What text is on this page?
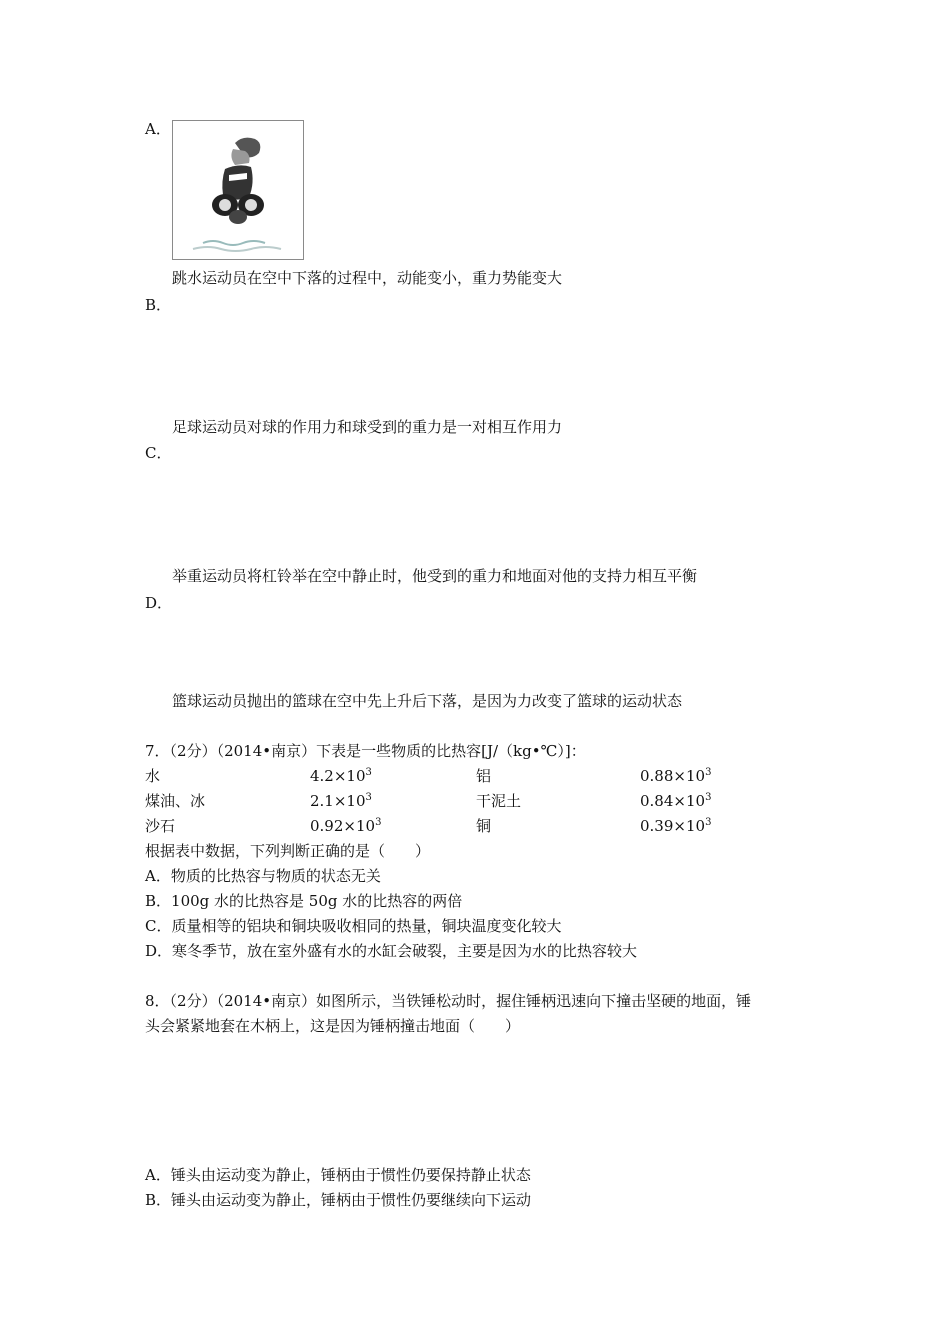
A．
跳水运动员在空中下落的过程中，动能变小，重力势能变大
B．
足球运动员对球的作用力和球受到的重力是一对相互作用力
C．
举重运动员将杠铃举在空中静止时，他受到的重力和地面对他的支持力相互平衡
D．
篮球运动员抛出的篮球在空中先上升后下落，是因为力改变了篮球的运动状态
7．（2分）（2014•南京）下表是一些物质的比热容[J/（kg•℃）]：
水	$4.2\times 10^3$	铝	$0.88\times 10^3$
煤油、冰	$2.1\times 10^3$	干泥土	$0.84\times 10^3$
沙石	$0.92\times 10^3$	铜	$0.39\times 10^3$
根据表中数据，下列判断正确的是（　　）
A．物质的比热容与物质的状态无关
B．100g 水的比热容是 50g 水的比热容的两倍
C．质量相等的铝块和铜块吸收相同的热量，铜块温度变化较大
D．寒冬季节，放在室外盛有水的水缸会破裂，主要是因为水的比热容较大
8．（2分）（2014•南京）如图所示，当铁锤松动时，握住锤柄迅速向下撞击坚硬的地面，锤
头会紧紧地套在木柄上，这是因为锤柄撞击地面（　　）
A．锤头由运动变为静止，锤柄由于惯性仍要保持静止状态
B．锤头由运动变为静止，锤柄由于惯性仍要继续向下运动
